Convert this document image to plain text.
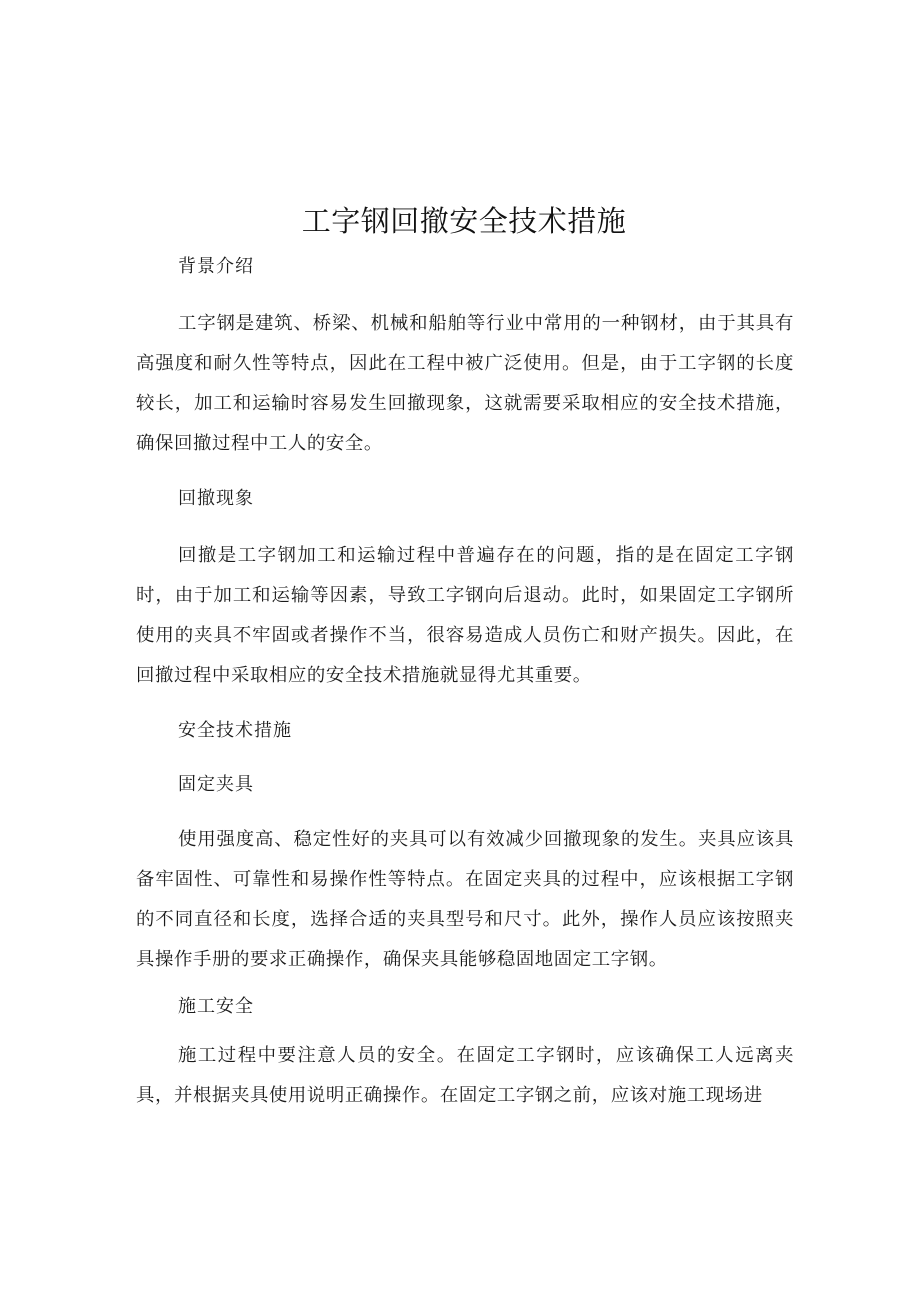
工字钢回撤安全技术措施
背景介绍

工字钢是建筑、桥梁、机械和船舶等行业中常用的一种钢材，由于其具有高强度和耐久性等特点，因此在工程中被广泛使用。但是，由于工字钢的长度较长，加工和运输时容易发生回撤现象，这就需要采取相应的安全技术措施，确保回撤过程中工人的安全。

回撤现象

回撤是工字钢加工和运输过程中普遍存在的问题，指的是在固定工字钢时，由于加工和运输等因素，导致工字钢向后退动。此时，如果固定工字钢所使用的夹具不牢固或者操作不当，很容易造成人员伤亡和财产损失。因此，在回撤过程中采取相应的安全技术措施就显得尤其重要。

安全技术措施
固定夹具

使用强度高、稳定性好的夹具可以有效减少回撤现象的发生。夹具应该具备牢固性、可靠性和易操作性等特点。在固定夹具的过程中，应该根据工字钢的不同直径和长度，选择合适的夹具型号和尺寸。此外，操作人员应该按照夹具操作手册的要求正确操作，确保夹具能够稳固地固定工字钢。

施工安全

施工过程中要注意人员的安全。在固定工字钢时，应该确保工人远离夹具，并根据夹具使用说明正确操作。在固定工字钢之前，应该对施工现场进
